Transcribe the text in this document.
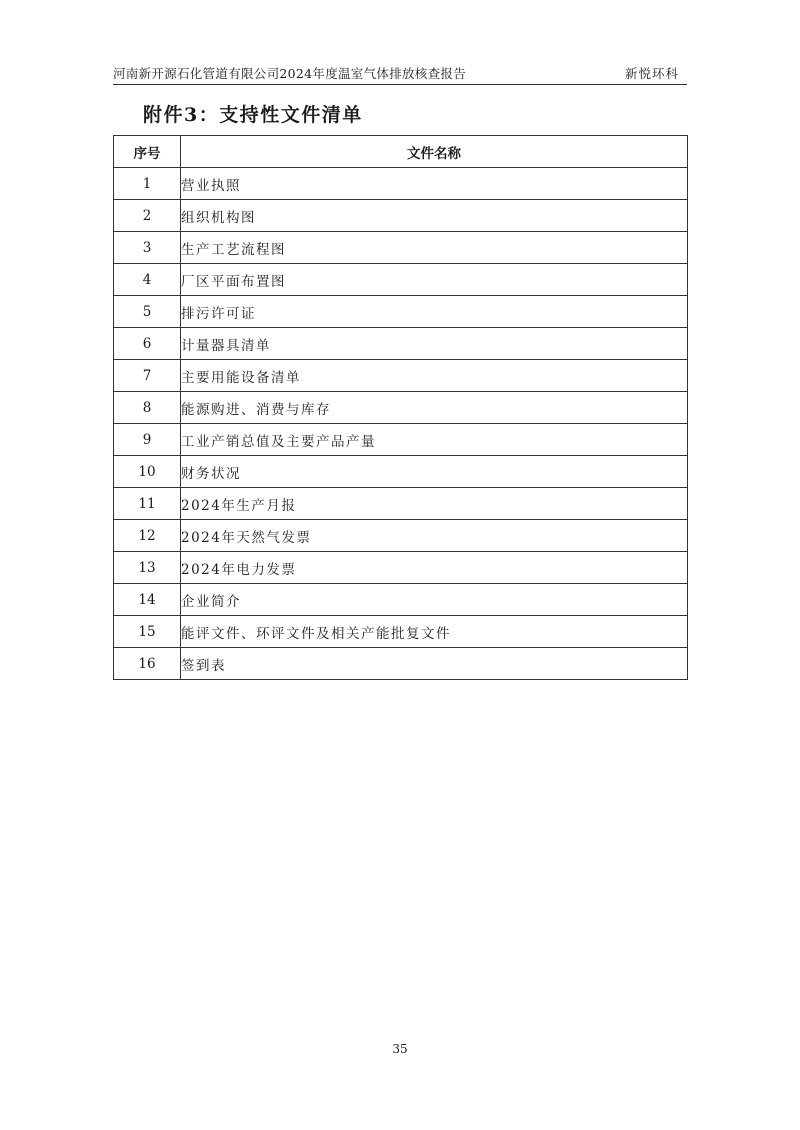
河南新开源石化管道有限公司2024年度温室气体排放核查报告	新悦环科
附件3：支持性文件清单
序号	文件名称
1	营业执照
2	组织机构图
3	生产工艺流程图
4	厂区平面布置图
5	排污许可证
6	计量器具清单
7	主要用能设备清单
8	能源购进、消费与库存
9	工业产销总值及主要产品产量
10	财务状况
11	2024年生产月报
12	2024年天然气发票
13	2024年电力发票
14	企业简介
15	能评文件、环评文件及相关产能批复文件
16	签到表
35
